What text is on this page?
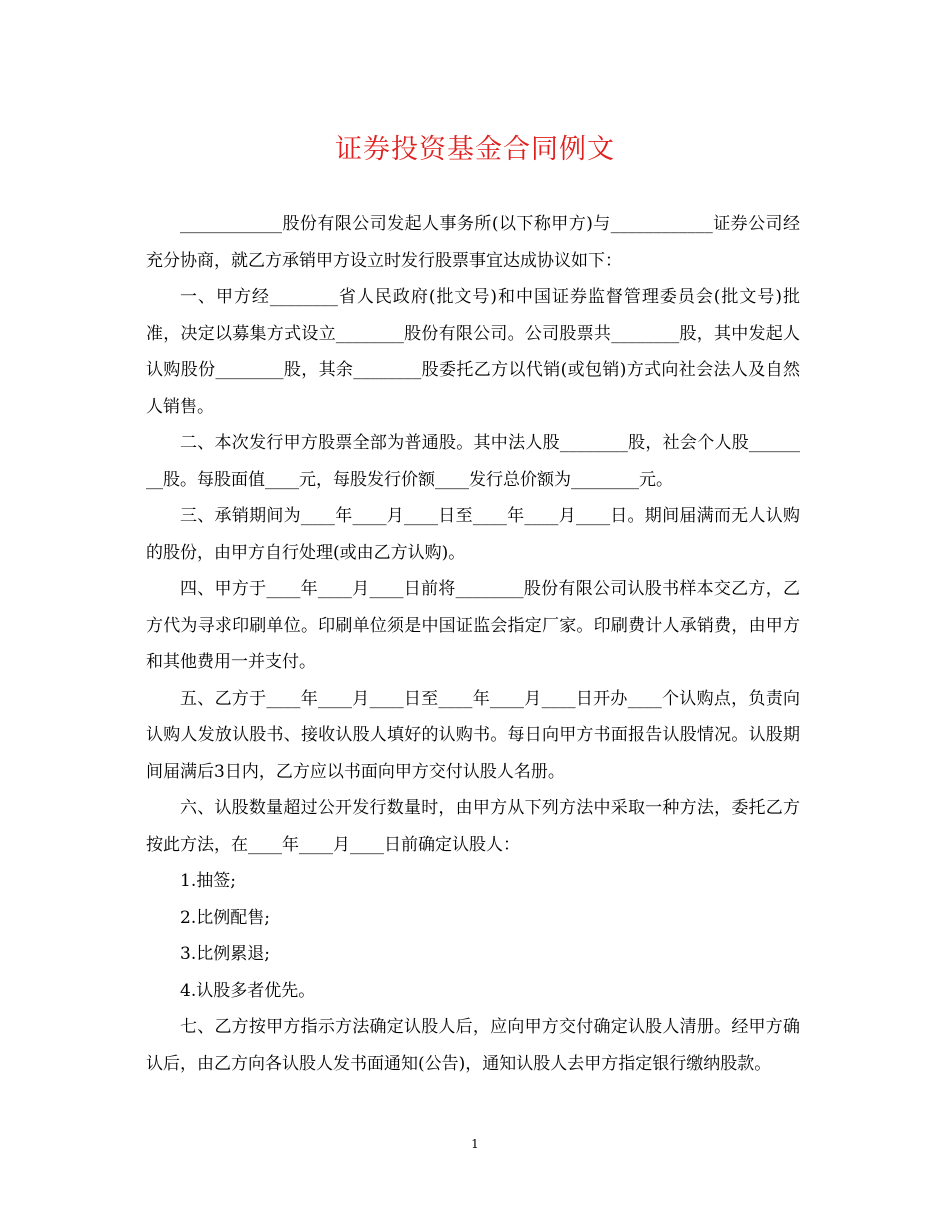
证券投资基金合同例文

____________股份有限公司发起人事务所(以下称甲方)与____________证券公司经充分协商，就乙方承销甲方设立时发行股票事宜达成协议如下：

一、甲方经________省人民政府(批文号)和中国证券监督管理委员会(批文号)批准，决定以募集方式设立________股份有限公司。公司股票共________股，其中发起人认购股份________股，其余________股委托乙方以代销(或包销)方式向社会法人及自然人销售。

二、本次发行甲方股票全部为普通股。其中法人股________股，社会个人股________股。每股面值____元，每股发行价额____发行总价额为________元。

三、承销期间为____年____月____日至____年____月____日。期间届满而无人认购的股份，由甲方自行处理(或由乙方认购)。

四、甲方于____年____月____日前将________股份有限公司认股书样本交乙方，乙方代为寻求印刷单位。印刷单位须是中国证监会指定厂家。印刷费计人承销费，由甲方和其他费用一并支付。

五、乙方于____年____月____日至____年____月____日开办____个认购点，负责向认购人发放认股书、接收认股人填好的认购书。每日向甲方书面报告认股情况。认股期间届满后3日内，乙方应以书面向甲方交付认股人名册。

六、认股数量超过公开发行数量时，由甲方从下列方法中采取一种方法，委托乙方按此方法，在____年____月____日前确定认股人：

1.抽签;

2.比例配售;

3.比例累退;

4.认股多者优先。

七、乙方按甲方指示方法确定认股人后，应向甲方交付确定认股人清册。经甲方确认后，由乙方向各认股人发书面通知(公告)，通知认股人去甲方指定银行缴纳股款。

1
